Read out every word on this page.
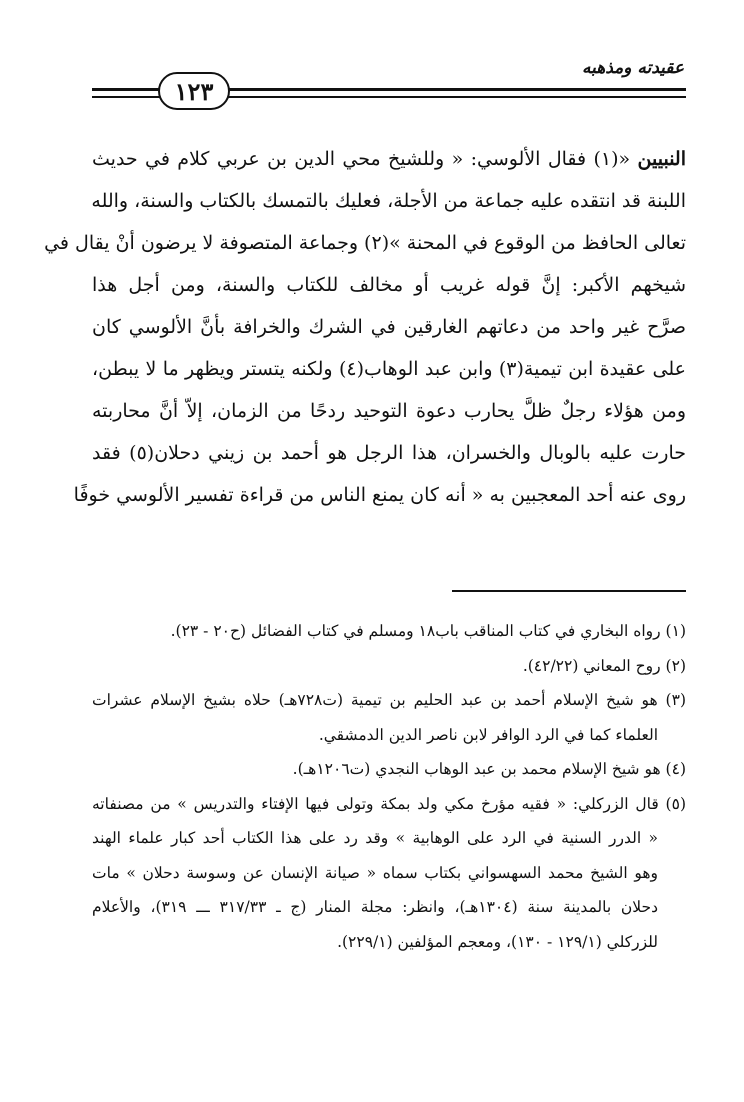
عقيدته ومذهبه
١٢٣
النبيين «(١) فقال الألوسي: « وللشيخ محي الدين بن عربي كلام في حديث
اللبنة قد انتقده عليه جماعة من الأجلة، فعليك بالتمسك بالكتاب والسنة، والله
تعالى الحافظ من الوقوع في المحنة »(٢) وجماعة المتصوفة لا يرضون أنْ يقال في
شيخهم الأكبر: إنَّ قوله غريب أو مخالف للكتاب والسنة، ومن أجل هذا
صرَّح غير واحد من دعاتهم الغارقين في الشرك والخرافة بأنَّ الألوسي كان
على عقيدة ابن تيمية(٣) وابن عبد الوهاب(٤) ولكنه يتستر ويظهر ما لا يبطن،
ومن هؤلاء رجلٌ ظلَّ يحارب دعوة التوحيد ردحًا من الزمان، إلاّ أنَّ محاربته
حارت عليه بالوبال والخسران، هذا الرجل هو أحمد بن زيني دحلان(٥) فقد
روى عنه أحد المعجبين به « أنه كان يمنع الناس من قراءة تفسير الألوسي خوفًا
(١) رواه البخاري في كتاب المناقب باب١٨ ومسلم في كتاب الفضائل (ح٢٠ - ٢٣).
(٢) روح المعاني (٤٢/٢٢).
(٣) هو شيخ الإسلام أحمد بن عبد الحليم بن تيمية (ت٧٢٨هـ) حلاه بشيخ الإسلام عشرات
العلماء كما في الرد الوافر لابن ناصر الدين الدمشقي.
(٤) هو شيخ الإسلام محمد بن عبد الوهاب النجدي (ت١٢٠٦هـ).
(٥) قال الزركلي: « فقيه مؤرخ مكي ولد بمكة وتولى فيها الإفتاء والتدريس » من مصنفاته
« الدرر السنية في الرد على الوهابية » وقد رد على هذا الكتاب أحد كبار علماء الهند
وهو الشيخ محمد السهسواني بكتاب سماه « صيانة الإنسان عن وسوسة دحلان » مات
دحلان بالمدينة سنة (١٣٠٤هـ)، وانظر: مجلة المنار (ج ـ ٣١٧/٣٣ ـــ ٣١٩)، والأعلام
للزركلي (١٢٩/١ - ١٣٠)، ومعجم المؤلفين (٢٢٩/١).
